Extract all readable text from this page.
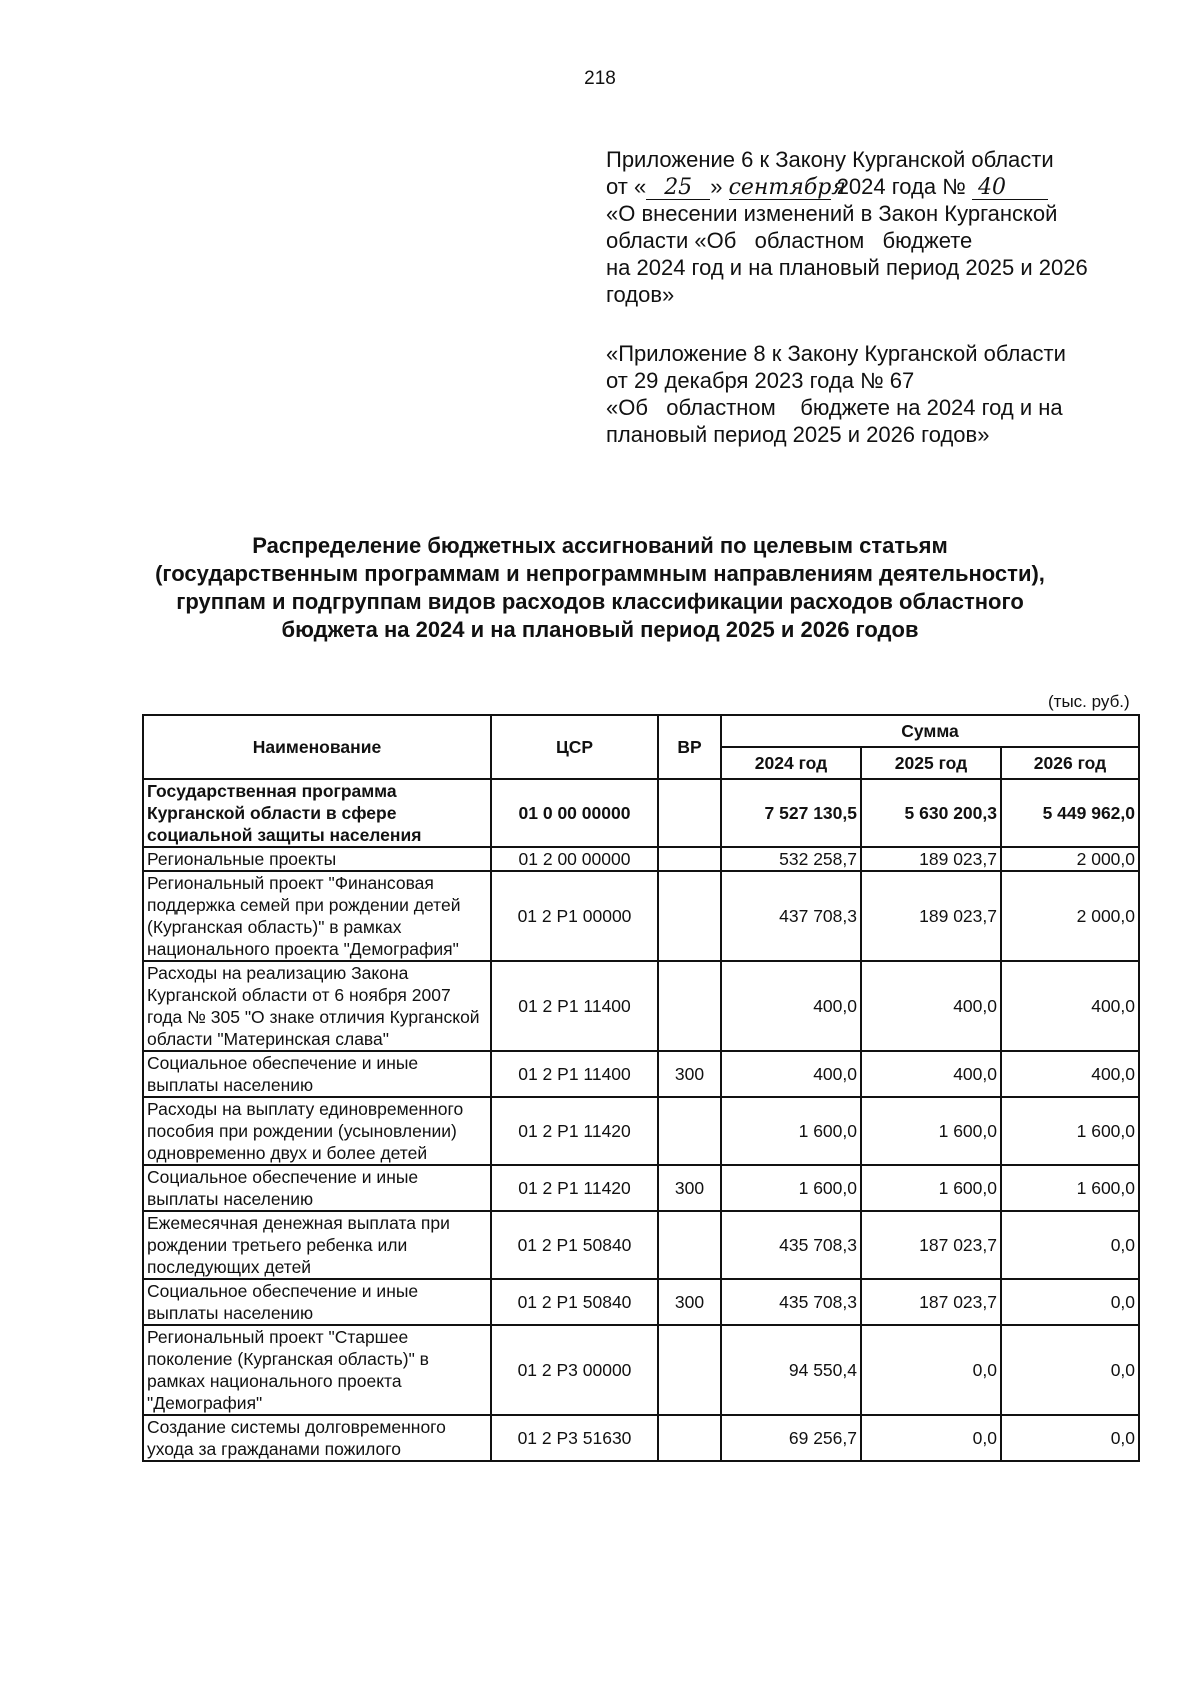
218
Приложение 6 к Закону Курганской области
от « 25 » сентября 2024 года № 40
«О внесении изменений в Закон Курганской
области «Об   областном   бюджете
на 2024 год и на плановый период 2025 и 2026
годов»
«Приложение 8 к Закону Курганской области
от 29 декабря 2023 года № 67
«Об   областном    бюджете на 2024 год и на
плановый период 2025 и 2026 годов»
Распределение бюджетных ассигнований по целевым статьям
(государственным программам и непрограммным направлениям деятельности),
группам и подгруппам видов расходов классификации расходов областного
бюджета на 2024 и на плановый период 2025 и 2026 годов
(тыс. руб.)
Наименование	ЦСР	ВР	Сумма		
			2024 год	2025 год	2026 год
Государственная программа Курганской области в сфере социальной защиты населения	01 0 00 00000		7 527 130,5	5 630 200,3	5 449 962,0
Региональные проекты	01 2 00 00000		532 258,7	189 023,7	2 000,0
Региональный проект "Финансовая поддержка семей при рождении детей (Курганская область)" в рамках национального проекта "Демография"	01 2 Р1 00000		437 708,3	189 023,7	2 000,0
Расходы на реализацию Закона Курганской области от 6 ноября 2007 года № 305 "О знаке отличия Курганской области "Материнская слава"	01 2 Р1 11400		400,0	400,0	400,0
Социальное обеспечение и иные выплаты населению	01 2 Р1 11400	300	400,0	400,0	400,0
Расходы на выплату единовременного пособия при рождении (усыновлении) одновременно двух и более детей	01 2 Р1 11420		1 600,0	1 600,0	1 600,0
Социальное обеспечение и иные выплаты населению	01 2 Р1 11420	300	1 600,0	1 600,0	1 600,0
Ежемесячная денежная выплата при рождении третьего ребенка или последующих детей	01 2 Р1 50840		435 708,3	187 023,7	0,0
Социальное обеспечение и иные выплаты населению	01 2 Р1 50840	300	435 708,3	187 023,7	0,0
Региональный проект "Старшее поколение (Курганская область)" в рамках национального проекта "Демография"	01 2 Р3 00000		94 550,4	0,0	0,0
Создание системы долговременного ухода за гражданами пожилого	01 2 Р3 51630		69 256,7	0,0	0,0
